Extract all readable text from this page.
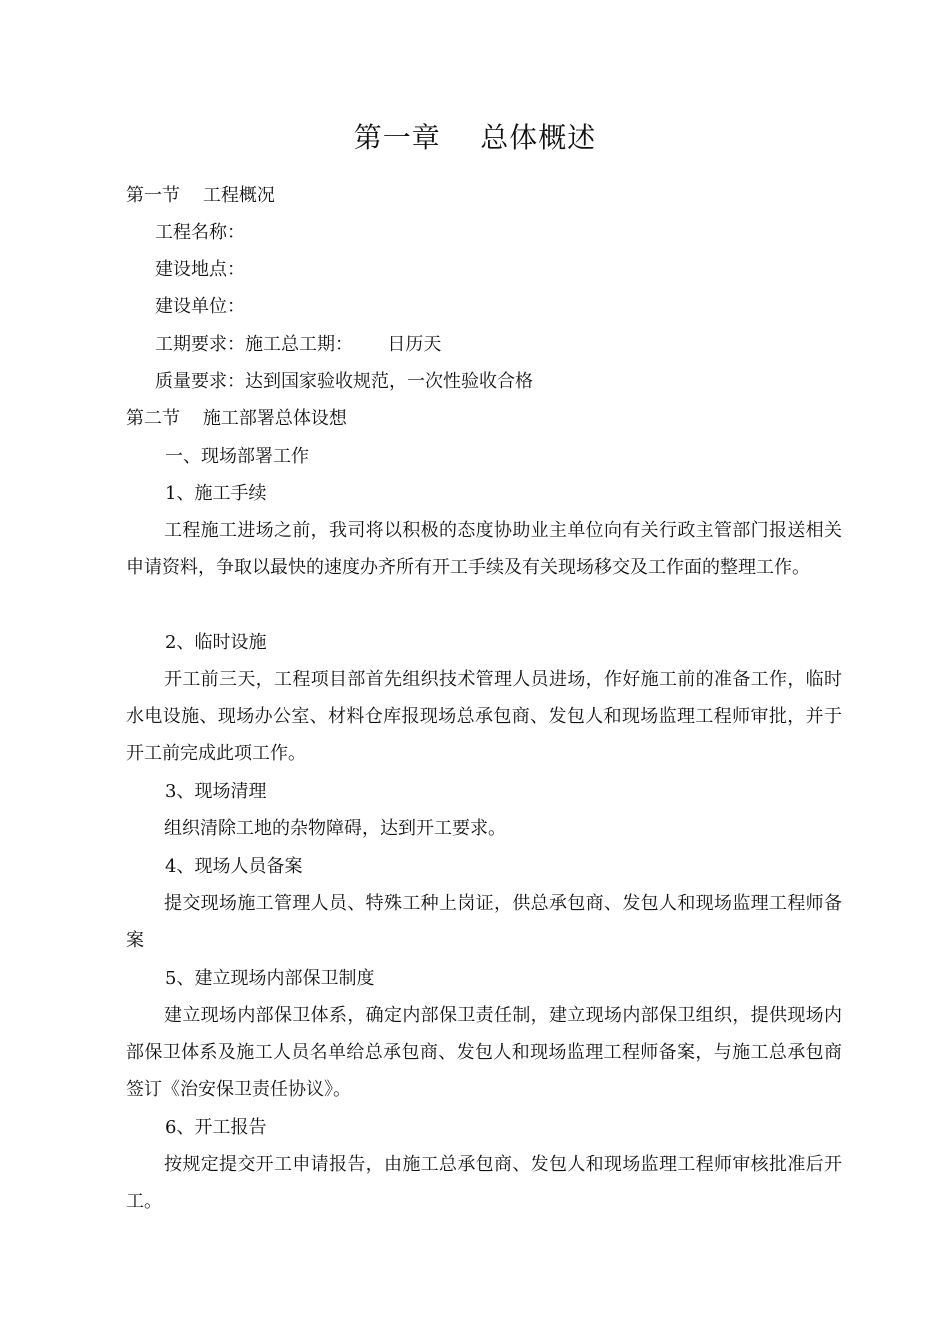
第一章    总体概述
第一节    工程概况
工程名称：
建设地点：
建设单位：
工期要求：施工总工期：      日历天
质量要求：达到国家验收规范，一次性验收合格
第二节    施工部署总体设想
一、现场部署工作
1、施工手续
工程施工进场之前，我司将以积极的态度协助业主单位向有关行政主管部门报送相关申请资料，争取以最快的速度办齐所有开工手续及有关现场移交及工作面的整理工作。
2、临时设施
开工前三天，工程项目部首先组织技术管理人员进场，作好施工前的准备工作，临时水电设施、现场办公室、材料仓库报现场总承包商、发包人和现场监理工程师审批，并于开工前完成此项工作。
3、现场清理
组织清除工地的杂物障碍，达到开工要求。
4、现场人员备案
提交现场施工管理人员、特殊工种上岗证，供总承包商、发包人和现场监理工程师备案
5、建立现场内部保卫制度
建立现场内部保卫体系，确定内部保卫责任制，建立现场内部保卫组织，提供现场内部保卫体系及施工人员名单给总承包商、发包人和现场监理工程师备案，与施工总承包商签订《治安保卫责任协议》。
6、开工报告
按规定提交开工申请报告，由施工总承包商、发包人和现场监理工程师审核批准后开工。
